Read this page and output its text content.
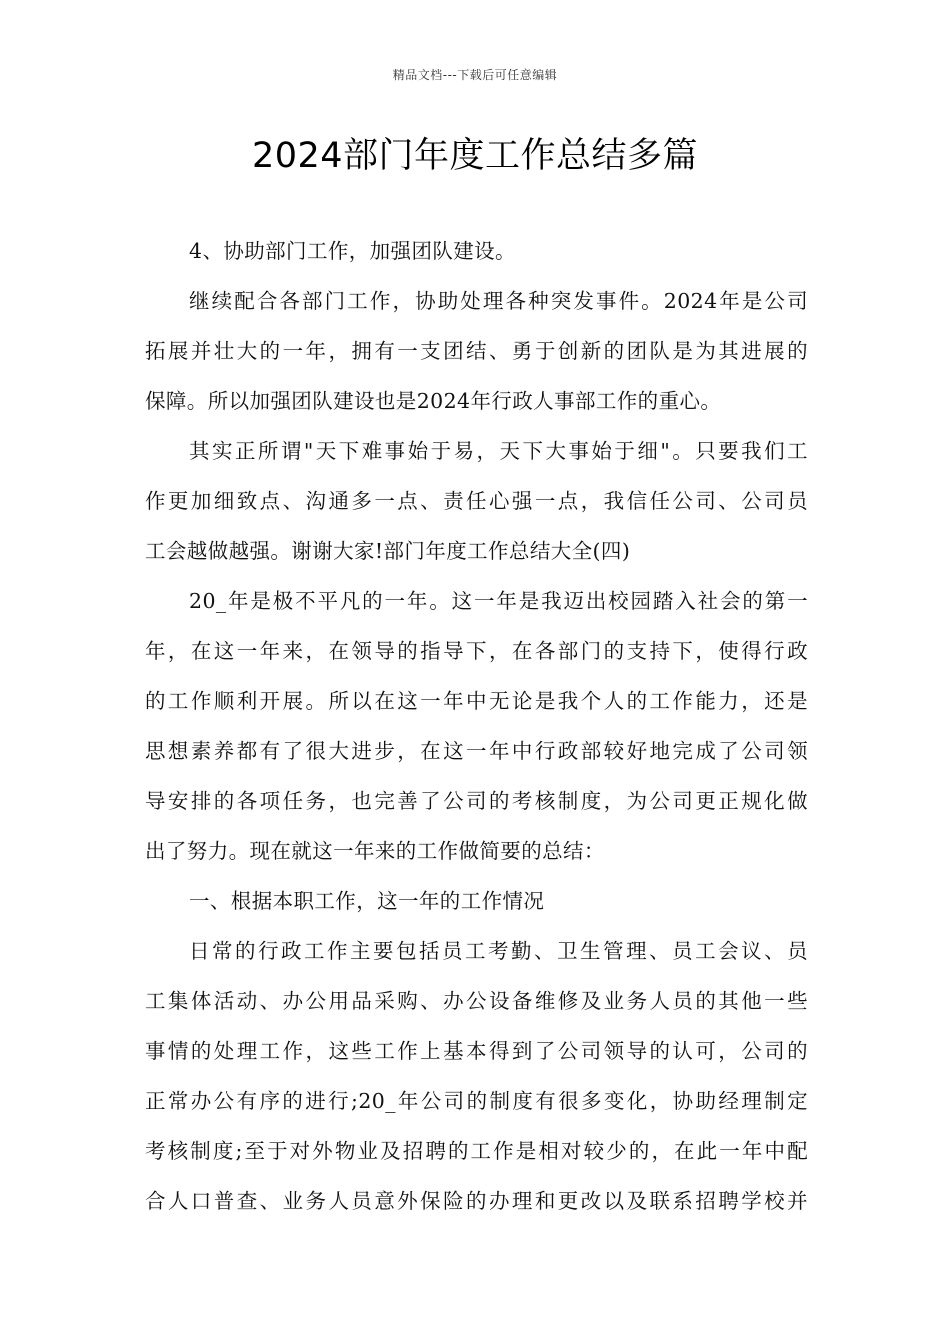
精品文档---下载后可任意编辑
2024部门年度工作总结多篇
4、协助部门工作，加强团队建设。
继续配合各部门工作，协助处理各种突发事件。2024年是公司
拓展并壮大的一年，拥有一支团结、勇于创新的团队是为其进展的
保障。所以加强团队建设也是2024年行政人事部工作的重心。
其实正所谓"天下难事始于易，天下大事始于细"。只要我们工
作更加细致点、沟通多一点、责任心强一点，我信任公司、公司员
工会越做越强。谢谢大家!部门年度工作总结大全(四)
20_年是极不平凡的一年。这一年是我迈出校园踏入社会的第一
年，在这一年来，在领导的指导下，在各部门的支持下，使得行政
的工作顺利开展。所以在这一年中无论是我个人的工作能力，还是
思想素养都有了很大进步，在这一年中行政部较好地完成了公司领
导安排的各项任务，也完善了公司的考核制度，为公司更正规化做
出了努力。现在就这一年来的工作做简要的总结：
一、根据本职工作，这一年的工作情况
日常的行政工作主要包括员工考勤、卫生管理、员工会议、员
工集体活动、办公用品采购、办公设备维修及业务人员的其他一些
事情的处理工作，这些工作上基本得到了公司领导的认可，公司的
正常办公有序的进行;20_年公司的制度有很多变化，协助经理制定
考核制度;至于对外物业及招聘的工作是相对较少的，在此一年中配
合人口普查、业务人员意外保险的办理和更改以及联系招聘学校并
